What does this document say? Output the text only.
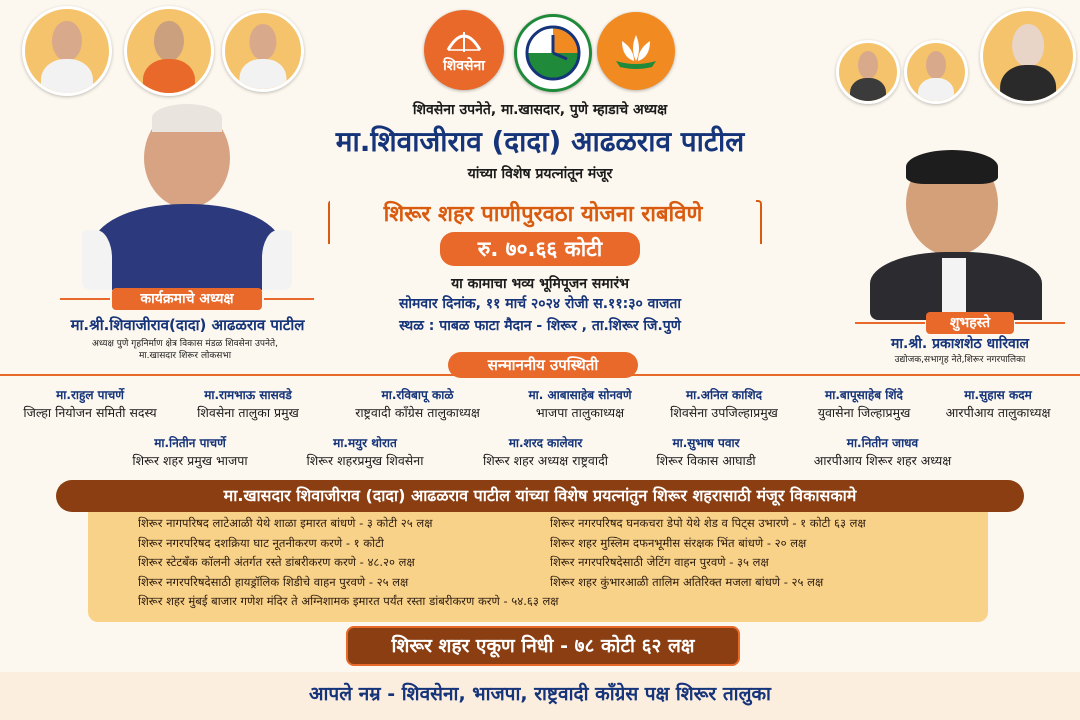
शिवसेना
शिवसेना उपनेते, मा.खासदार, पुणे म्हाडाचे अध्यक्ष
मा.शिवाजीराव (दादा) आढळराव पाटील
यांच्या विशेष प्रयत्नांतून मंजूर
शिरूर शहर पाणीपुरवठा योजना राबविणे
रु. ७०.६६ कोटी
या कामाचा भव्य भूमिपूजन समारंभ
सोमवार दिनांक, ११ मार्च २०२४ रोजी स.११:३० वाजता
स्थळ : पाबळ फाटा मैदान - शिरूर , ता.शिरूर जि.पुणे
कार्यक्रमाचे अध्यक्ष
मा.श्री.शिवाजीराव(दादा) आढळराव पाटील
अध्यक्ष पुणे गृहनिर्माण क्षेत्र विकास मंडळ शिवसेना उपनेते,
मा.खासदार शिरूर लोकसभा
शुभहस्ते
मा.श्री. प्रकाशशेठ धारिवाल
उद्योजक,सभागृह नेते,शिरूर नगरपालिका
सन्माननीय उपस्थिती
मा.राहुल पाचर्णे
जिल्हा नियोजन समिती सदस्य
मा.रामभाऊ सासवडे
शिवसेना तालुका प्रमुख
मा.रविबापू काळे
राष्ट्रवादी काँग्रेस तालुकाध्यक्ष
मा. आबासाहेब सोनवणे
भाजपा तालुकाध्यक्ष
मा.अनिल काशिद
शिवसेना उपजिल्हाप्रमुख
मा.बापूसाहेब शिंदे
युवासेना जिल्हाप्रमुख
मा.सुहास कदम
आरपीआय तालुकाध्यक्ष
मा.नितीन पाचर्णे
शिरूर शहर प्रमुख भाजपा
मा.मयुर थोरात
शिरूर शहरप्रमुख शिवसेना
मा.शरद कालेवार
शिरूर शहर अध्यक्ष राष्ट्रवादी
मा.सुभाष पवार
शिरूर विकास आघाडी
मा.नितीन जाधव
आरपीआय शिरूर शहर अध्यक्ष
मा.खासदार शिवाजीराव (दादा) आढळराव पाटील यांच्या विशेष प्रयत्नांतुन शिरूर शहरासाठी मंजूर विकासकामे
शिरूर नागपरिषद लाटेआळी येथे शाळा इमारत बांधणे - ३ कोटी २५ लक्ष
शिरूर नगरपरिषद दशक्रिया घाट नूतनीकरण करणे - १ कोटी
शिरूर स्टेटबँक कॉलनी अंतर्गत रस्ते डांबरीकरण करणे - ४८.२० लक्ष
शिरूर नगरपरिषदेसाठी हायड्रॉलिक शिडीचे वाहन पुरवणे - २५ लक्ष
शिरूर शहर मुंबई बाजार गणेश मंदिर ते अग्निशामक इमारत पर्यंत रस्ता डांबरीकरण करणे - ५४.६३ लक्ष
शिरूर नगरपरिषद घनकचरा डेपो येथे शेड व पिट्स उभारणे - १ कोटी ६३ लक्ष
शिरूर शहर मुस्लिम दफनभूमीस संरक्षक भिंत बांधणे - २० लक्ष
शिरूर नगरपरिषदेसाठी जेटिंग वाहन पुरवणे - ३५ लक्ष
शिरूर शहर कुंभारआळी तालिम अतिरिक्त मजला बांधणे - २५ लक्ष
शिरूर शहर एकूण निधी - ७८ कोटी ६२ लक्ष
आपले नम्र - शिवसेना, भाजपा, राष्ट्रवादी काँग्रेस पक्ष शिरूर तालुका
